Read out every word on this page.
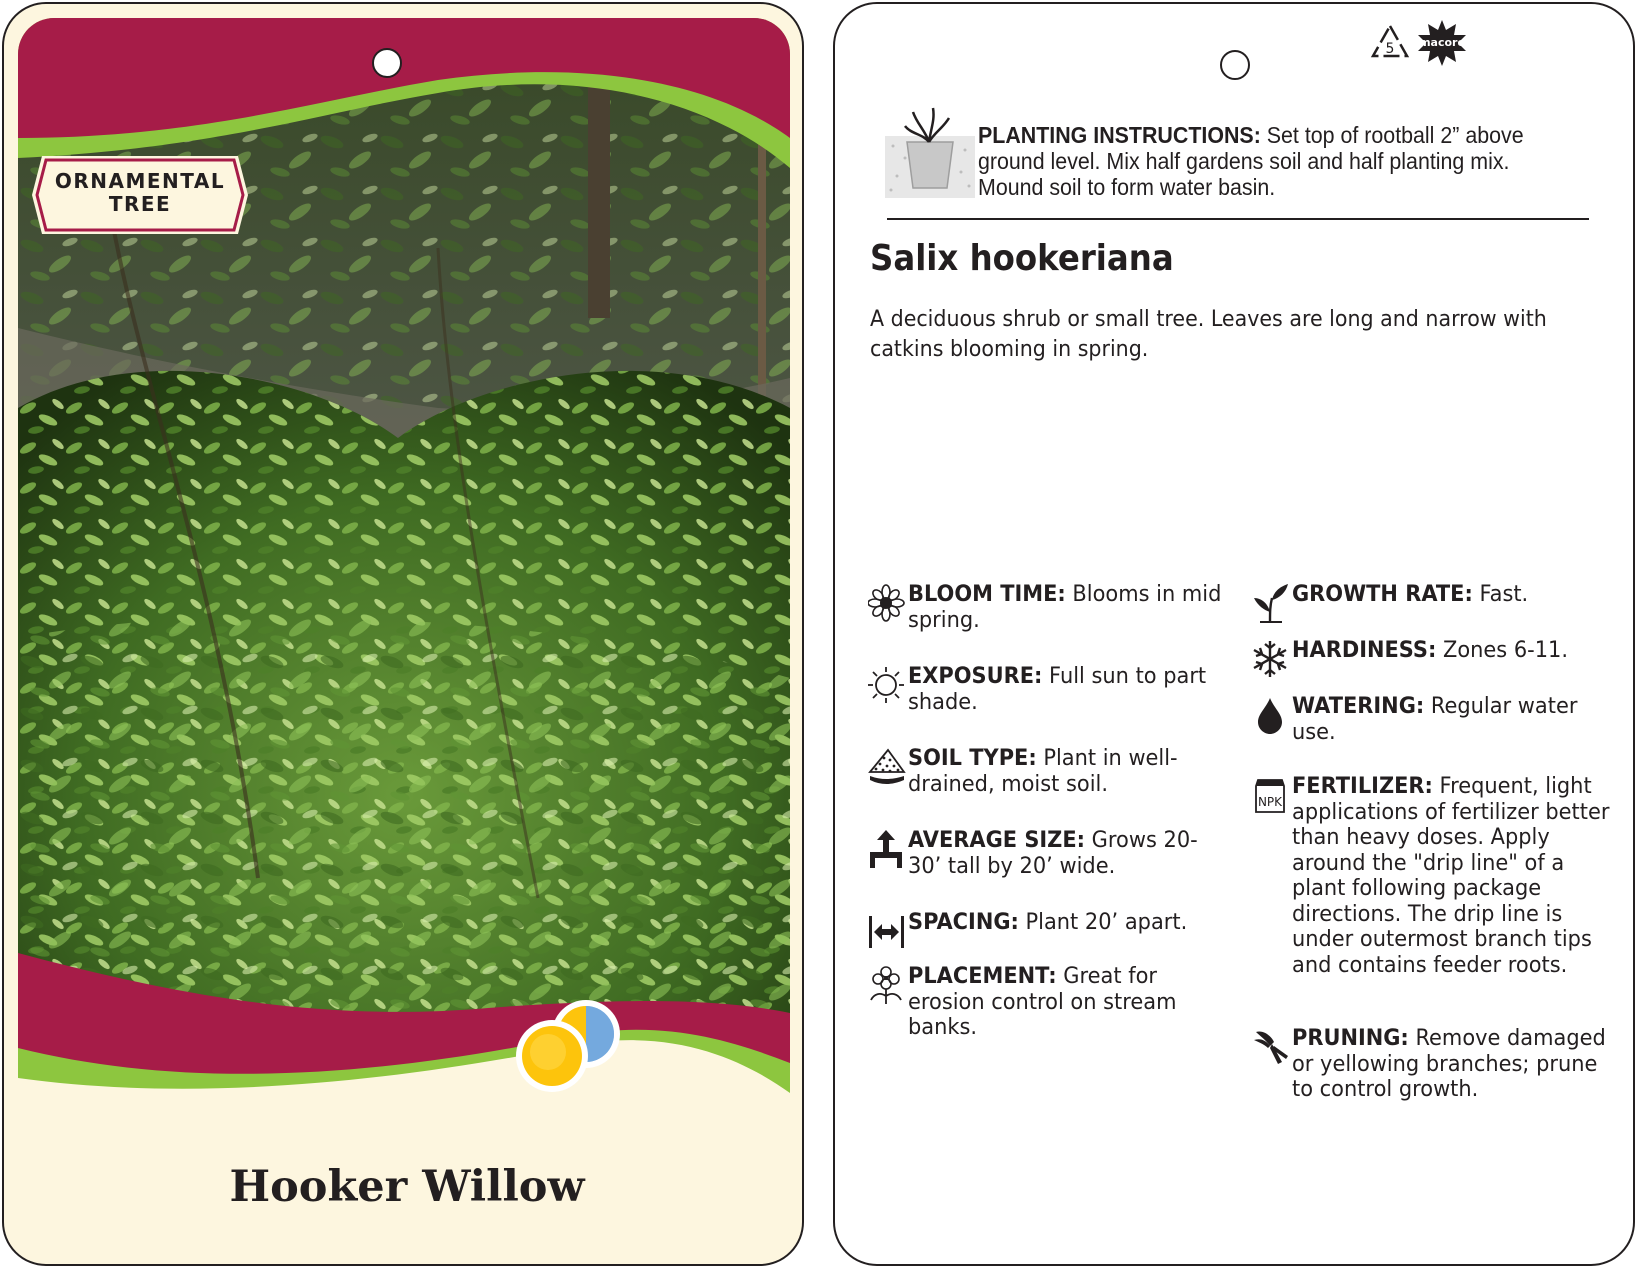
ORNAMENTAL TREE
Hooker Willow
5 macore
PLANTING INSTRUCTIONS: Set top of rootball 2” above ground level. Mix half gardens soil and half planting mix. Mound soil to form water basin.
Salix hookeriana
A deciduous shrub or small tree. Leaves are long and narrow with catkins blooming in spring.
BLOOM TIME: Blooms in mid spring.
EXPOSURE: Full sun to part shade.
SOIL TYPE: Plant in well-drained, moist soil.
AVERAGE SIZE: Grows 20-30’ tall by 20’ wide.
SPACING: Plant 20’ apart.
PLACEMENT: Great for erosion control on stream banks.
GROWTH RATE: Fast.
HARDINESS: Zones 6-11.
WATERING: Regular water use.
NPK
FERTILIZER: Frequent, light applications of fertilizer better than heavy doses. Apply around the "drip line" of a plant following package directions. The drip line is under outermost branch tips and contains feeder roots.
PRUNING: Remove damaged or yellowing branches; prune to control growth.
